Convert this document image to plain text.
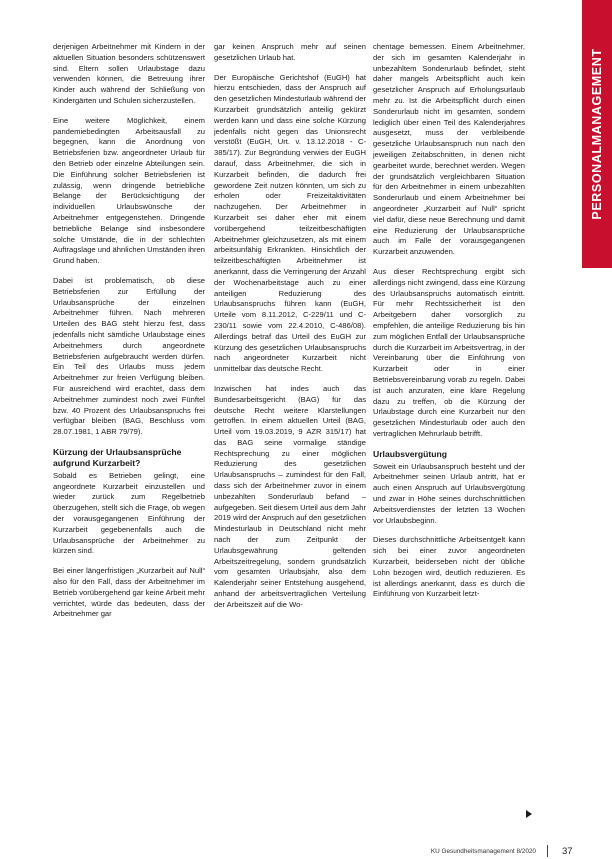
PERSONALMANAGEMENT

derjenigen Arbeitnehmer mit Kindern in der aktuellen Situation besonders schützenswert sind. Eltern sollen Urlaubstage dazu verwenden können, die Betreuung ihrer Kinder auch während der Schließung von Kindergärten und Schulen sicherzustellen.

Eine weitere Möglichkeit, einem pandemiebedingten Arbeitsausfall zu begegnen, kann die Anordnung von Betriebsferien bzw. angeordneter Urlaub für den Betrieb oder einzelne Abteilungen sein. Die Einführung solcher Betriebsferien ist zulässig, wenn dringende betriebliche Belange der Berücksichtigung der individuellen Urlaubswünsche der Arbeitnehmer entgegenstehen. Dringende betriebliche Belange sind insbesondere solche Umstände, die in der schlechten Auftragslage und ähnlichen Umständen ihren Grund haben.

Dabei ist problematisch, ob diese Betriebsferien zur Erfüllung der Urlaubsansprüche der einzelnen Arbeitnehmer führen. Nach mehreren Urteilen des BAG steht hierzu fest, dass jedenfalls nicht sämtliche Urlaubstage eines Arbeitnehmers durch angeordnete Betriebsferien aufgebraucht werden dürfen. Ein Teil des Urlaubs muss jedem Arbeitnehmer zur freien Verfügung bleiben. Für ausreichend wird erachtet, dass dem Arbeitnehmer zumindest noch zwei Fünftel bzw. 40 Prozent des Urlaubsanspruchs frei verfügbar bleiben (BAG, Beschluss vom 28.07.1981, 1 ABR 79/79).

Kürzung der Urlaubsansprüche aufgrund Kurzarbeit?

Sobald es Betrieben gelingt, eine angeordnete Kurzarbeit einzustellen und wieder zurück zum Regelbetrieb überzugehen, stellt sich die Frage, ob wegen der vorausgegangenen Einführung der Kurzarbeit gegebenenfalls auch die Urlaubsansprüche der Arbeitnehmer zu kürzen sind.

Bei einer längerfristigen „Kurzarbeit auf Null“ also für den Fall, dass der Arbeitnehmer im Betrieb vorübergehend gar keine Arbeit mehr verrichtet, würde das bedeuten, dass der Arbeitnehmer gar

gar keinen Anspruch mehr auf seinen gesetzlichen Urlaub hat.

Der Europäische Gerichtshof (EuGH) hat hierzu entschieden, dass der Anspruch auf den gesetzlichen Mindesturlaub während der Kurzarbeit grundsätzlich anteilig gekürzt werden kann und dass eine solche Kürzung jedenfalls nicht gegen das Unionsrecht verstößt (EuGH, Urt. v. 13.12.2018 - C-385/17). Zur Begründung verwies der EuGH darauf, dass Arbeitnehmer, die sich in Kurzarbeit befinden, die dadurch frei gewordene Zeit nutzen könnten, um sich zu erholen oder Freizeitaktivitäten nachzugehen. Der Arbeitnehmer in Kurzarbeit sei daher eher mit einem vorübergehend teilzeitbeschäftigten Arbeitnehmer gleichzusetzen, als mit einem arbeitsunfähig Erkrankten. Hinsichtlich der teilzeitbeschäftigten Arbeitnehmer ist anerkannt, dass die Verringerung der Anzahl der Wochenarbeitstage auch zu einer anteiligen Reduzierung des Urlaubsanspruchs führen kann (EuGH, Urteile vom 8.11.2012, C-229/11 und C-230/11 sowie vom 22.4.2010, C-486/08). Allerdings betraf das Urteil des EuGH zur Kürzung des gesetzlichen Urlaubsanspruchs nach angeordneter Kurzarbeit nicht unmittelbar das deutsche Recht.

Inzwischen hat indes auch das Bundesarbeitsgericht (BAG) für das deutsche Recht weitere Klarstellungen getroffen. In einem aktuellen Urteil (BAG, Urteil vom 19.03.2019, 9 AZR 315/17) hat das BAG seine vormalige ständige Rechtsprechung zu einer möglichen Reduzierung des gesetzlichen Urlaubsanspruchs – zumindest für den Fall, dass sich der Arbeitnehmer zuvor in einem unbezahlten Sonderurlaub befand – aufgegeben. Seit diesem Urteil aus dem Jahr 2019 wird der Anspruch auf den gesetzlichen Mindesturlaub in Deutschland nicht mehr nach der zum Zeitpunkt der Urlaubsgewährung geltenden Arbeitszeitregelung, sondern grundsätzlich vom gesamten Urlaubsjahr, also dem Kalenderjahr seiner Entstehung ausgehend, anhand der arbeitsvertraglichen Verteilung der Arbeitszeit auf die Wo-

chentage bemessen. Einem Arbeitnehmer, der sich im gesamten Kalenderjahr in unbezahltem Sonderurlaub befindet, steht daher mangels Arbeitspflicht auch kein gesetzlicher Anspruch auf Erholungsurlaub mehr zu. Ist die Arbeitspflicht durch einen Sonderurlaub nicht im gesamten, sondern lediglich über einen Teil des Kalenderjahres ausgesetzt, muss der verbleibende gesetzliche Urlaubsanspruch nun nach den jeweiligen Zeitabschnitten, in denen nicht gearbeitet wurde, berechnet werden. Wegen der grundsätzlich vergleichbaren Situation für den Arbeitnehmer in einem unbezahlten Sonderurlaub und einem Arbeitnehmer bei angeordneter „Kurzarbeit auf Null“ spricht viel dafür, diese neue Berechnung und damit eine Reduzierung der Urlaubsansprüche auch im Falle der vorausgegangenen Kurzarbeit anzuwenden.

Aus dieser Rechtsprechung ergibt sich allerdings nicht zwingend, dass eine Kürzung des Urlaubsanspruchs automatisch eintritt. Für mehr Rechtssicherheit ist den Arbeitgebern daher vorsorglich zu empfehlen, die anteilige Reduzierung bis hin zum möglichen Entfall der Urlaubsansprüche durch die Kurzarbeit im Arbeitsvertrag, in der Vereinbarung über die Einführung von Kurzarbeit oder in einer Betriebsvereinbarung vorab zu regeln. Dabei ist auch anzuraten, eine klare Regelung dazu zu treffen, ob die Kürzung der Urlaubstage durch eine Kurzarbeit nur den gesetzlichen Mindesturlaub oder auch den vertraglichen Mehrurlaub betrifft.

Urlaubsvergütung

Soweit ein Urlaubsanspruch besteht und der Arbeitnehmer seinen Urlaub antritt, hat er auch einen Anspruch auf Urlaubsvergütung und zwar in Höhe seines durchschnittlichen Arbeitsverdienstes der letzten 13 Wochen vor Urlaubsbeginn.

Dieses durchschnittliche Arbeitsentgelt kann sich bei einer zuvor angeordneten Kurzarbeit, beiderseben nicht der übliche Lohn bezogen wird, deutlich reduzieren. Es ist allerdings anerkannt, dass es durch die Einführung von Kurzarbeit letzt-

KU Gesundheitsmanagement 8/2020	37
